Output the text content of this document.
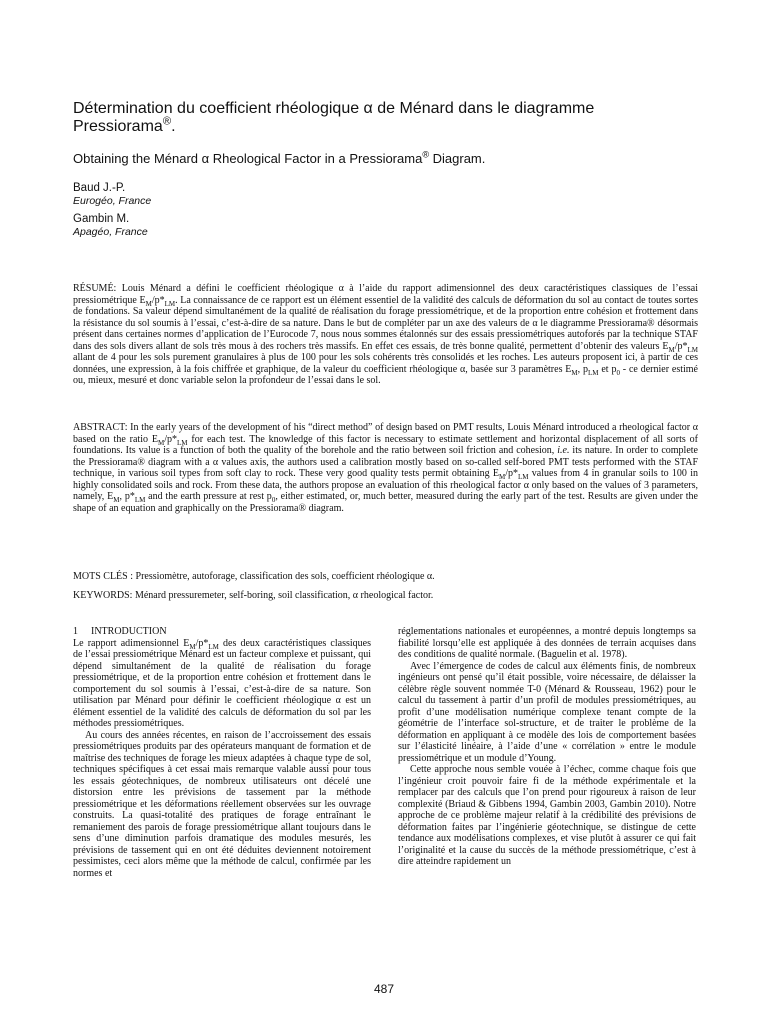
Détermination du coefficient rhéologique α de Ménard dans le diagramme
Pressiorama®.
Obtaining the Ménard α Rheological Factor in a Pressiorama® Diagram.
Baud J.-P.
Eurogéo, France
Gambin M.
Apagéo, France
RÉSUMÉ: Louis Ménard a défini le coefficient rhéologique α à l’aide du rapport adimensionnel des deux caractéristiques classiques de l’essai pressiométrique $E_M/p*_{LM}$. La connaissance de ce rapport est un élément essentiel de la validité des calculs de déformation du sol au contact de toutes sortes de fondations. Sa valeur dépend simultanément de la qualité de réalisation du forage pressiométrique, et de la proportion entre cohésion et frottement dans la résistance du sol soumis à l’essai, c’est-à-dire de sa nature. Dans le but de compléter par un axe des valeurs de α le diagramme Pressiorama® désormais présent dans certaines normes d’application de l’Eurocode 7, nous nous sommes étalonnés sur des essais pressiométriques autoforés par la technique STAF dans des sols divers allant de sols très mous à des rochers très massifs. En effet ces essais, de très bonne qualité, permettent d’obtenir des valeurs $E_M/p*_{LM}$ allant de 4 pour les sols purement granulaires à plus de 100 pour les sols cohérents très consolidés et les roches. Les auteurs proposent ici, à partir de ces données, une expression, à la fois chiffrée et graphique, de la valeur du coefficient rhéologique α, basée sur 3 paramètres $E_M$, $p_{LM}$ et $p_0$ - ce dernier estimé ou, mieux, mesuré et donc variable selon la profondeur de l’essai dans le sol.
ABSTRACT: In the early years of the development of his “direct method” of design based on PMT results, Louis Ménard introduced a rheological factor α based on the ratio $E_M/p*_{LM}$ for each test. The knowledge of this factor is necessary to estimate settlement and horizontal displacement of all sorts of foundations. Its value is a function of both the quality of the borehole and the ratio between soil friction and cohesion, i.e. its nature. In order to complete the Pressiorama® diagram with a α values axis, the authors used a calibration mostly based on so-called self-bored PMT tests performed with the STAF technique, in various soil types from soft clay to rock. These very good quality tests permit obtaining $E_M/p*_{LM}$ values from 4 in granular soils to 100 in highly consolidated soils and rock. From these data, the authors propose an evaluation of this rheological factor α only based on the values of 3 parameters, namely, $E_M$, $p*_{LM}$ and the earth pressure at rest $p_0$, either estimated, or, much better, measured during the early part of the test. Results are given under the shape of an equation and graphically on the Pressiorama® diagram.
MOTS CLÉS : Pressiomètre, autoforage, classification des sols, coefficient rhéologique α.
KEYWORDS: Ménard pressuremeter, self-boring, soil classification, α rheological factor.

1 INTRODUCTION

Le rapport adimensionnel $E_M/p*_{LM}$ des deux caractéristiques classiques de l’essai pressiométrique Ménard est un facteur complexe et puissant, qui dépend simultanément de la qualité de réalisation du forage pressiométrique, et de la proportion entre cohésion et frottement dans le comportement du sol soumis à l’essai, c’est-à-dire de sa nature. Son utilisation par Ménard pour définir le coefficient rhéologique α est un élément essentiel de la validité des calculs de déformation du sol par les méthodes pressiométriques.

Au cours des années récentes, en raison de l’accroissement des essais pressiométriques produits par des opérateurs manquant de formation et de maîtrise des techniques de forage les mieux adaptées à chaque type de sol, techniques spécifiques à cet essai mais remarque valable aussi pour tous les essais géotechniques, de nombreux utilisateurs ont décelé une distorsion entre les prévisions de tassement par la méthode pressiométrique et les déformations réellement observées sur les ouvrage construits. La quasi-totalité des pratiques de forage entraînant le remaniement des parois de forage pressiométrique allant toujours dans le sens d’une diminution parfois dramatique des modules mesurés, les prévisions de tassement qui en ont été déduites deviennent notoirement pessimistes, ceci alors même que la méthode de calcul, confirmée par les normes et

réglementations nationales et européennes, a montré depuis longtemps sa fiabilité lorsqu’elle est appliquée à des données de terrain acquises dans des conditions de qualité normale. (Baguelin et al. 1978).

Avec l’émergence de codes de calcul aux éléments finis, de nombreux ingénieurs ont pensé qu’il était possible, voire nécessaire, de délaisser la célèbre règle souvent nommée T-0 (Ménard & Rousseau, 1962) pour le calcul du tassement à partir d’un profil de modules pressiométriques, au profit d’une modélisation numérique complexe tenant compte de la géométrie de l’interface sol-structure, et de traiter le problème de la déformation en appliquant à ce modèle des lois de comportement basées sur l’élasticité linéaire, à l’aide d’une « corrélation » entre le module pressiométrique et un module d’Young.

Cette approche nous semble vouée à l’échec, comme chaque fois que l’ingénieur croit pouvoir faire fi de la méthode expérimentale et la remplacer par des calculs que l’on prend pour rigoureux à raison de leur complexité (Briaud & Gibbens 1994, Gambin 2003, Gambin 2010). Notre approche de ce problème majeur relatif à la crédibilité des prévisions de déformation faites par l’ingénierie géotechnique, se distingue de cette tendance aux modélisations complexes, et vise plutôt à assurer ce qui fait l’originalité et la cause du succès de la méthode pressiométrique, c’est à dire atteindre rapidement un

487
